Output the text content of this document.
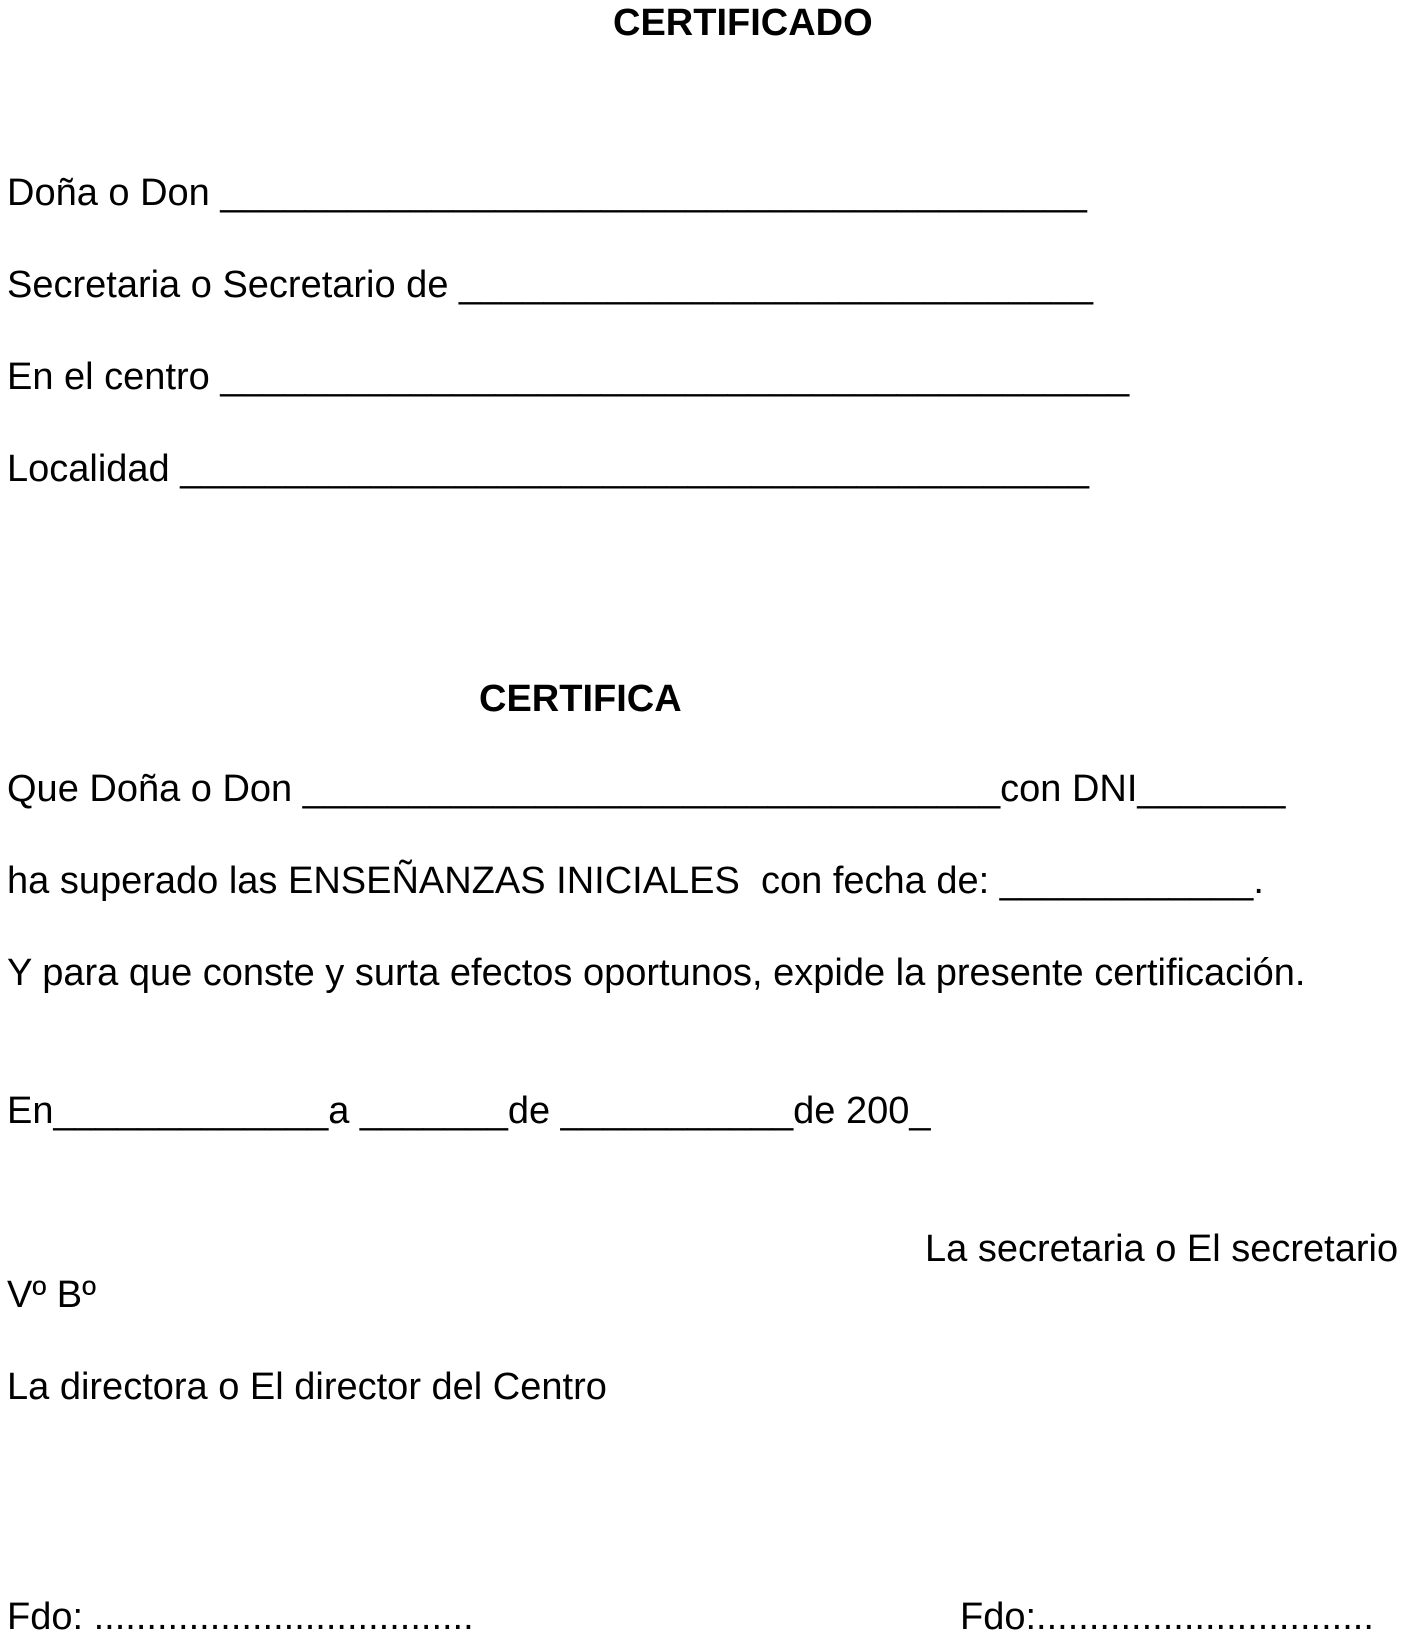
CERTIFICADO

Doña o Don _________________________________________

Secretaria o Secretario de ______________________________

En el centro ___________________________________________

Localidad ___________________________________________

CERTIFICA

Que Doña o Don _________________________________con DNI_______

ha superado las ENSEÑANZAS INICIALES  con fecha de: ____________.

Y para que conste y surta efectos oportunos, expide la presente certificación.

En_____________a _______de ___________de 200_

La secretaria o El secretario

Vº Bº

La directora o El director del Centro

Fdo: ....................................	Fdo:................................
